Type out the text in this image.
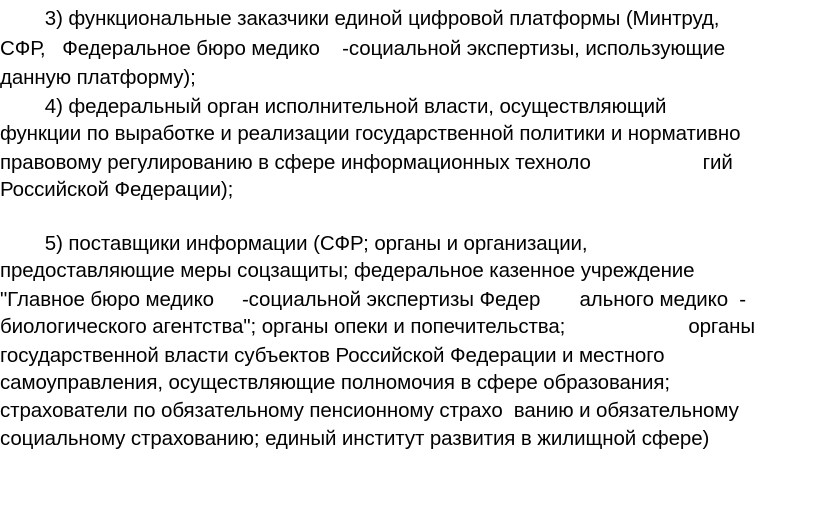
3) функциональные заказчики единой цифровой платформы (Минтруд,
СФР,   Федеральное бюро медико    -социальной экспертизы, использующие
данную платформу);
4) федеральный орган исполнительной власти, осуществляющий
функции по выработке и реализации государственной политики и нормативно
правовому регулированию в сфере информационных техноло                    гий
Российской Федерации);
5) поставщики информации (СФР; органы и организации,
предоставляющие меры соцзащиты; федеральное казенное учреждение
"Главное бюро медико     -социальной экспертизы Федер       ального медико  -
биологического агентства"; органы опеки и попечительства;                      органы
государственной власти субъектов Российской Федерации и местного
самоуправления, осуществляющие полномочия в сфере образования;
страхователи по обязательному пенсионному страхо  ванию и обязательному
социальному страхованию; единый институт развития в жилищной сфере)
